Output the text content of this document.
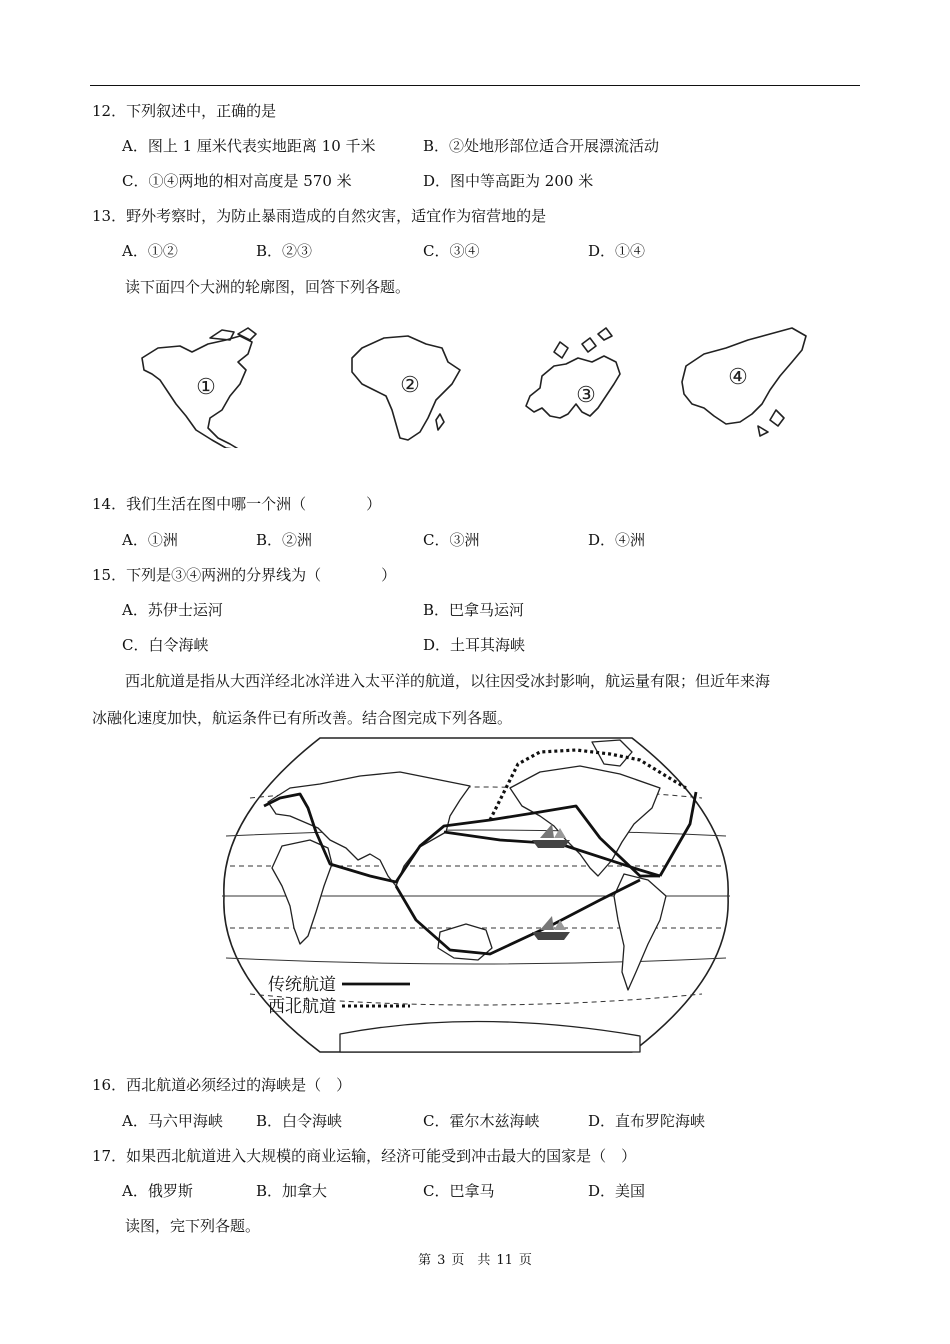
12．下列叙述中，正确的是
A．图上 1 厘米代表实地距离 10 千米	B．②处地形部位适合开展漂流活动
C．①④两地的相对高度是 570 米	D．图中等高距为 200 米
13．野外考察时，为防止暴雨造成的自然灾害，适宜作为宿营地的是
A．①②	B．②③	C．③④	D．①④
读下面四个大洲的轮廓图，回答下列各题。
①	②	③
④
14．我们生活在图中哪一个洲（　　　　）
A．①洲	B．②洲	C．③洲	D．④洲
15．下列是③④两洲的分界线为（　　　　）
A．苏伊士运河	B．巴拿马运河
C．白令海峡	D．土耳其海峡
西北航道是指从大西洋经北冰洋进入太平洋的航道，以往因受冰封影响，航运量有限；但近年来海
冰融化速度加快，航运条件已有所改善。结合图完成下列各题。
传统航道
西北航道
16．西北航道必须经过的海峡是（　）
A．马六甲海峡 B．白令海峡	C．霍尔木兹海峡	D．直布罗陀海峡
17．如果西北航道进入大规模的商业运输，经济可能受到冲击最大的国家是（　）
A．俄罗斯	B．加拿大	C．巴拿马	D．美国
读图，完下列各题。
第 3 页　共 11 页
